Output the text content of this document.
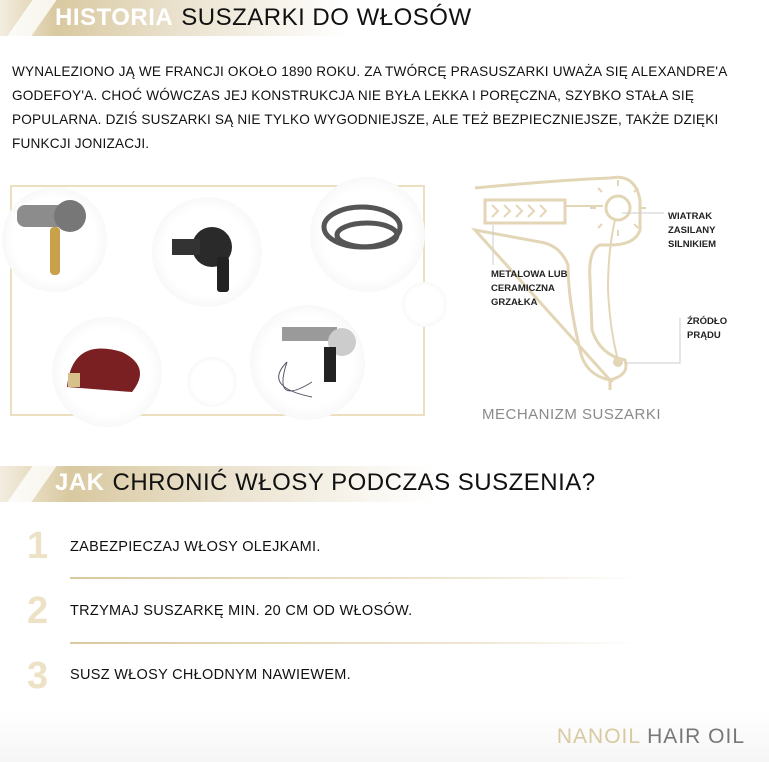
HISTORIA SUSZARKI DO WŁOSÓW

WYNALEZIONO JĄ WE FRANCJI OKOŁO 1890 ROKU. ZA TWÓRCĘ PRASUSZARKI UWAŻA SIĘ ALEXANDRE'A GODEFOY'A. CHOĆ WÓWCZAS JEJ KONSTRUKCJA NIE BYŁA LEKKA I PORĘCZNA, SZYBKO STAŁA SIĘ POPULARNA. DZIŚ SUSZARKI SĄ NIE TYLKO WYGODNIEJSZE, ALE TEŻ BEZPIECZNIEJSZE, TAKŻE DZIĘKI FUNKCJI JONIZACJI.

WIATRAK ZASILANY SILNIKIEM
METALOWA LUB CERAMICZNA GRZAŁKA
ŹRÓDŁO PRĄDU
MECHANIZM SUSZARKI
JAK CHRONIĆ WŁOSY PODCZAS SUSZENIA?
1 ZABEZPIECZAJ WŁOSY OLEJKAMI.
2 TRZYMAJ SUSZARKĘ MIN. 20 CM OD WŁOSÓW.
3 SUSZ WŁOSY CHŁODNYM NAWIEWEM.
NANOIL HAIR OIL
